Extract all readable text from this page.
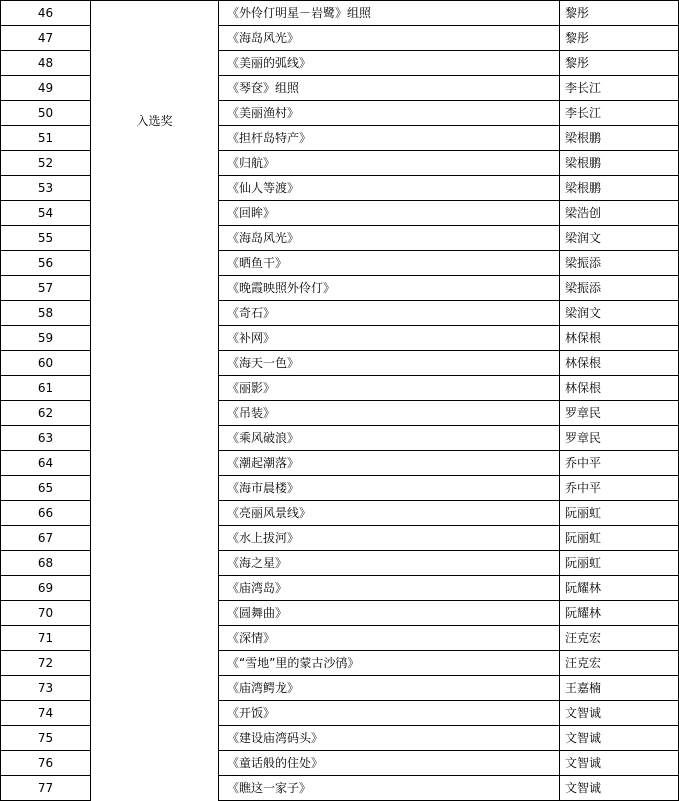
46	入选奖	《外伶仃明星－岩鹭》组照	黎彤
47		《海岛风光》	黎彤
48		《美丽的弧线》	黎彤
49		《琴奁》组照	李长江
50		《美丽渔村》	李长江
51		《担杆岛特产》	梁根鹏
52		《归航》	梁根鹏
53		《仙人等渡》	梁根鹏
54		《回眸》	梁浩创
55		《海岛风光》	梁润文
56		《晒鱼干》	梁振添
57		《晚霞映照外伶仃》	梁振添
58		《奇石》	梁润文
59		《补网》	林保根
60		《海天一色》	林保根
61		《丽影》	林保根
62		《吊装》	罗章民
63		《乘风破浪》	罗章民
64		《潮起潮落》	乔中平
65		《海市晨楼》	乔中平
66		《亮丽风景线》	阮丽虹
67		《水上拔河》	阮丽虹
68		《海之星》	阮丽虹
69		《庙湾岛》	阮耀林
70		《圆舞曲》	阮耀林
71		《深情》	汪克宏
72		《“雪地”里的蒙古沙鸻》	汪克宏
73		《庙湾鳄龙》	王嘉楠
74		《开饭》	文智诚
75		《建设庙湾码头》	文智诚
76		《童话般的住处》	文智诚
77		《瞧这一家子》	文智诚
